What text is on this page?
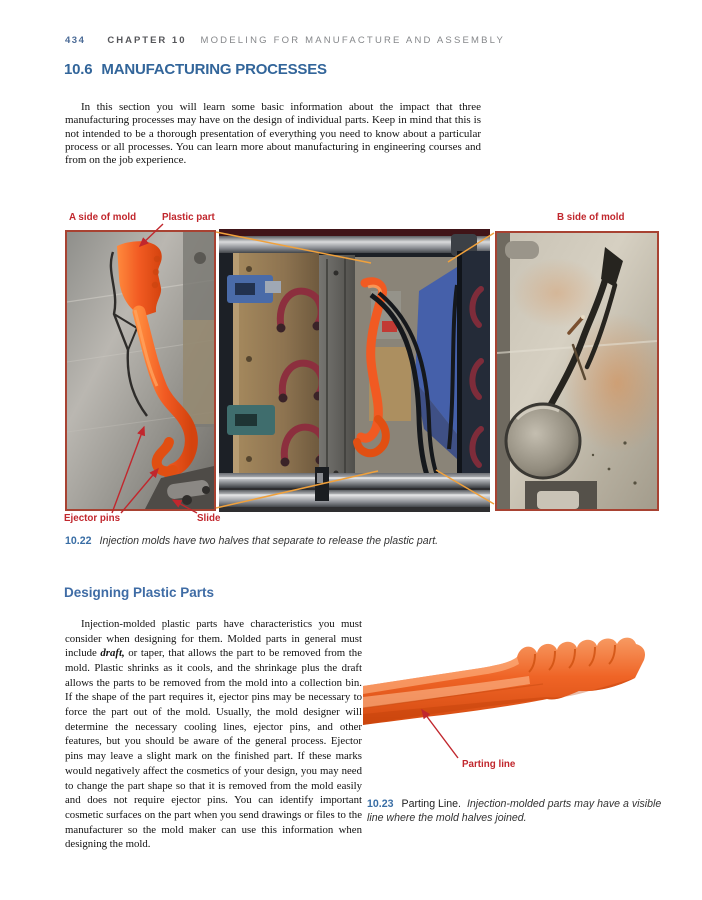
434 CHAPTER 10 MODELING FOR MANUFACTURE AND ASSEMBLY
10.6 MANUFACTURING PROCESSES

In this section you will learn some basic information about the impact that three manufacturing processes may have on the design of individual parts. Keep in mind that this is not intended to be a thorough presentation of everything you need to know about a particular process or all processes. You can learn more about manufacturing in engineering courses and from on the job experience.

A side of mold	Plastic part	B side of mold
Ejector pins	Slide
10.22 Injection molds have two halves that separate to release the plastic part.
Designing Plastic Parts

Injection-molded plastic parts have characteristics you must consider when designing for them. Molded parts in general must include draft, or taper, that allows the part to be removed from the mold. Plastic shrinks as it cools, and the shrinkage plus the draft allows the parts to be removed from the mold into a collection bin. If the shape of the part requires it, ejector pins may be necessary to force the part out of the mold. Usually, the mold designer will determine the necessary cooling lines, ejector pins, and other features, but you should be aware of the general process. Ejector pins may leave a slight mark on the finished part. If these marks would negatively affect the cosmetics of your design, you may need to change the part shape so that it is removed from the mold easily and does not require ejector pins. You can identify important cosmetic surfaces on the part when you send drawings or files to the manufacturer so the mold maker can use this information when designing the mold.

Parting line
10.23 Parting Line. Injection-molded parts may have a visible line where the mold halves joined.
